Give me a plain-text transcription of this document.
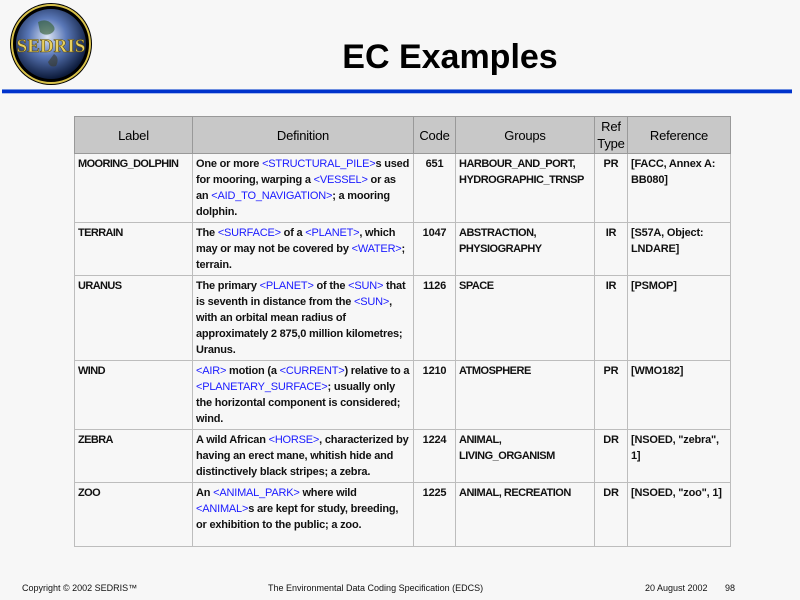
SEDRIS	EC Examples
Label	Definition	Code	Groups	Ref Type	Reference
MOORING_DOLPHIN	One or more <STRUCTURAL_PILE>s used for mooring, warping a <VESSEL> or as an <AID_TO_NAVIGATION>; a mooring dolphin.	651	HARBOUR_AND_PORT, HYDROGRAPHIC_TRNSP	PR	[FACC, Annex A: BB080]
TERRAIN	The <SURFACE> of a <PLANET>, which may or may not be covered by <WATER>; terrain.	1047	ABSTRACTION, PHYSIOGRAPHY	IR	[S57A, Object: LNDARE]
URANUS	The primary <PLANET> of the <SUN> that is seventh in distance from the <SUN>, with an orbital mean radius of approximately 2 875,0 million kilometres; Uranus.	1126	SPACE	IR	[PSMOP]
WIND	<AIR> motion (a <CURRENT>) relative to a <PLANETARY_SURFACE>; usually only the horizontal component is considered; wind.	1210	ATMOSPHERE	PR	[WMO182]
ZEBRA	A wild African <HORSE>, characterized by having an erect mane, whitish hide and distinctively black stripes; a zebra.	1224	ANIMAL, LIVING_ORGANISM	DR	[NSOED, "zebra", 1]
ZOO	An <ANIMAL_PARK> where wild <ANIMAL>s are kept for study, breeding, or exhibition to the public; a zoo.	1225	ANIMAL, RECREATION	DR	[NSOED, "zoo", 1]
Copyright © 2002 SEDRIS™	The Environmental Data Coding Specification (EDCS)	20 August 2002 98
